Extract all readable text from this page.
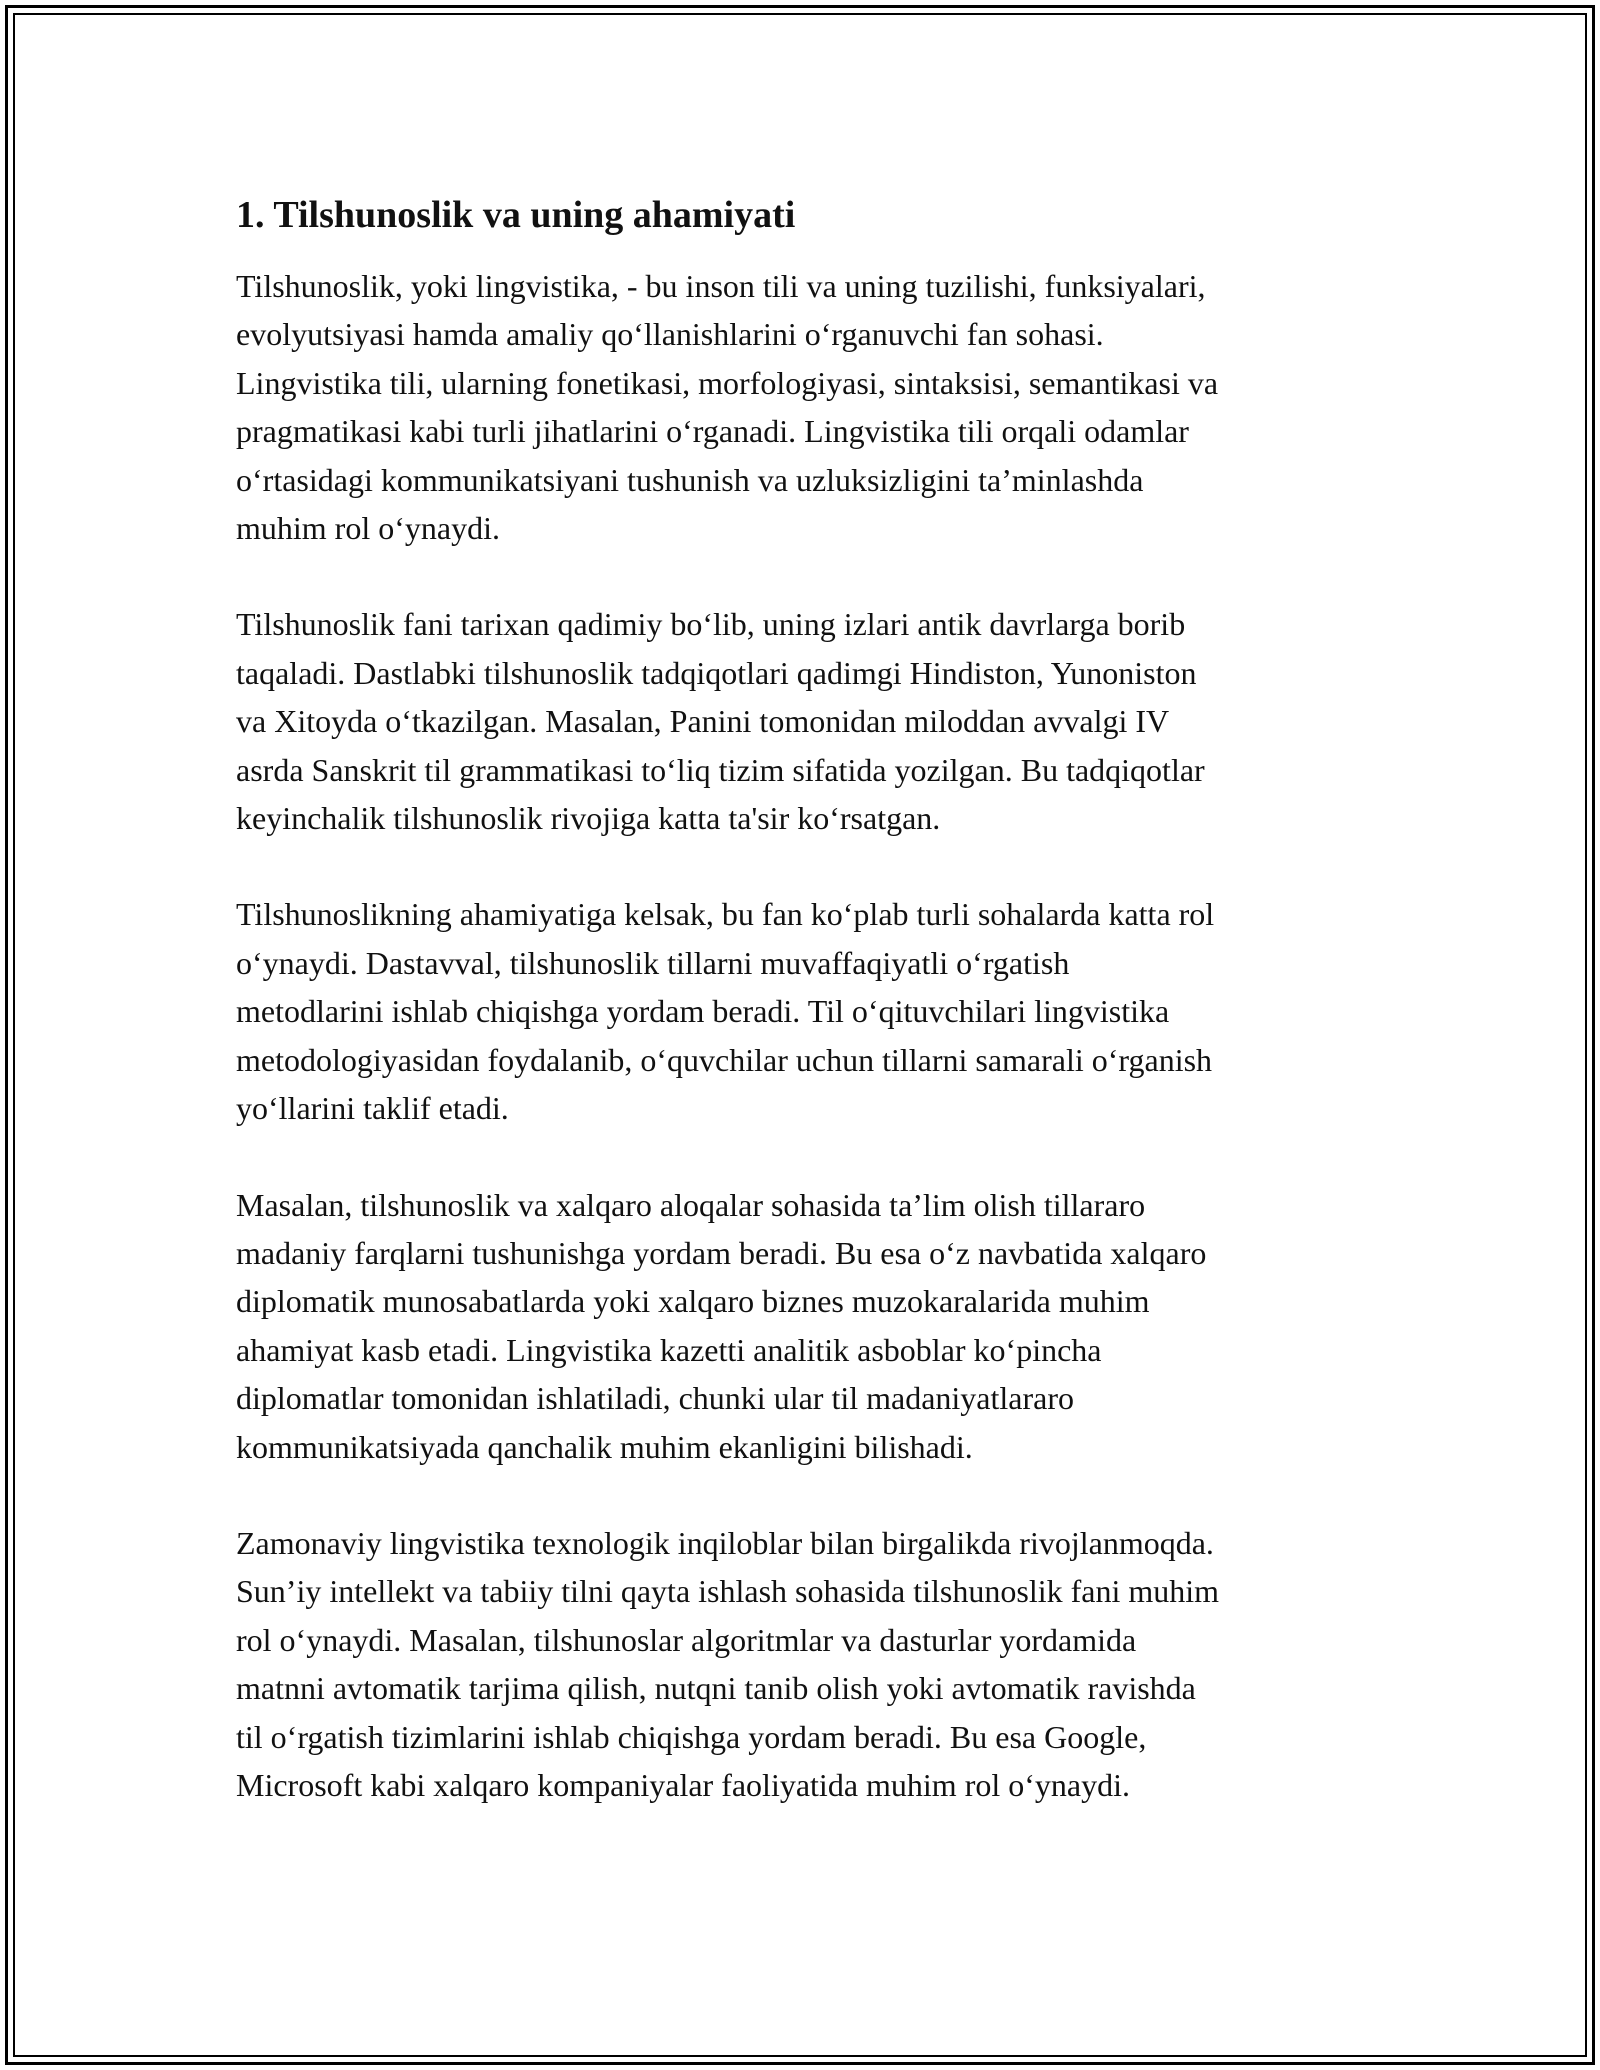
1. Tilshunoslik va uning ahamiyati

Tilshunoslik, yoki lingvistika, - bu inson tili va uning tuzilishi, funksiyalari,
evolyutsiyasi hamda amaliy qo‘llanishlarini o‘rganuvchi fan sohasi.
Lingvistika tili, ularning fonetikasi, morfologiyasi, sintaksisi, semantikasi va
pragmatikasi kabi turli jihatlarini o‘rganadi. Lingvistika tili orqali odamlar
o‘rtasidagi kommunikatsiyani tushunish va uzluksizligini ta’minlashda
muhim rol o‘ynaydi.

Tilshunoslik fani tarixan qadimiy bo‘lib, uning izlari antik davrlarga borib
taqaladi. Dastlabki tilshunoslik tadqiqotlari qadimgi Hindiston, Yunoniston
va Xitoyda o‘tkazilgan. Masalan, Panini tomonidan miloddan avvalgi IV
asrda Sanskrit til grammatikasi to‘liq tizim sifatida yozilgan. Bu tadqiqotlar
keyinchalik tilshunoslik rivojiga katta ta'sir ko‘rsatgan.

Tilshunoslikning ahamiyatiga kelsak, bu fan ko‘plab turli sohalarda katta rol
o‘ynaydi. Dastavval, tilshunoslik tillarni muvaffaqiyatli o‘rgatish
metodlarini ishlab chiqishga yordam beradi. Til o‘qituvchilari lingvistika
metodologiyasidan foydalanib, o‘quvchilar uchun tillarni samarali o‘rganish
yo‘llarini taklif etadi.

Masalan, tilshunoslik va xalqaro aloqalar sohasida ta’lim olish tillararo
madaniy farqlarni tushunishga yordam beradi. Bu esa o‘z navbatida xalqaro
diplomatik munosabatlarda yoki xalqaro biznes muzokaralarida muhim
ahamiyat kasb etadi. Lingvistika kazetti analitik asboblar ko‘pincha
diplomatlar tomonidan ishlatiladi, chunki ular til madaniyatlararo
kommunikatsiyada qanchalik muhim ekanligini bilishadi.

Zamonaviy lingvistika texnologik inqiloblar bilan birgalikda rivojlanmoqda.
Sun’iy intellekt va tabiiy tilni qayta ishlash sohasida tilshunoslik fani muhim
rol o‘ynaydi. Masalan, tilshunoslar algoritmlar va dasturlar yordamida
matnni avtomatik tarjima qilish, nutqni tanib olish yoki avtomatik ravishda
til o‘rgatish tizimlarini ishlab chiqishga yordam beradi. Bu esa Google,
Microsoft kabi xalqaro kompaniyalar faoliyatida muhim rol o‘ynaydi.
